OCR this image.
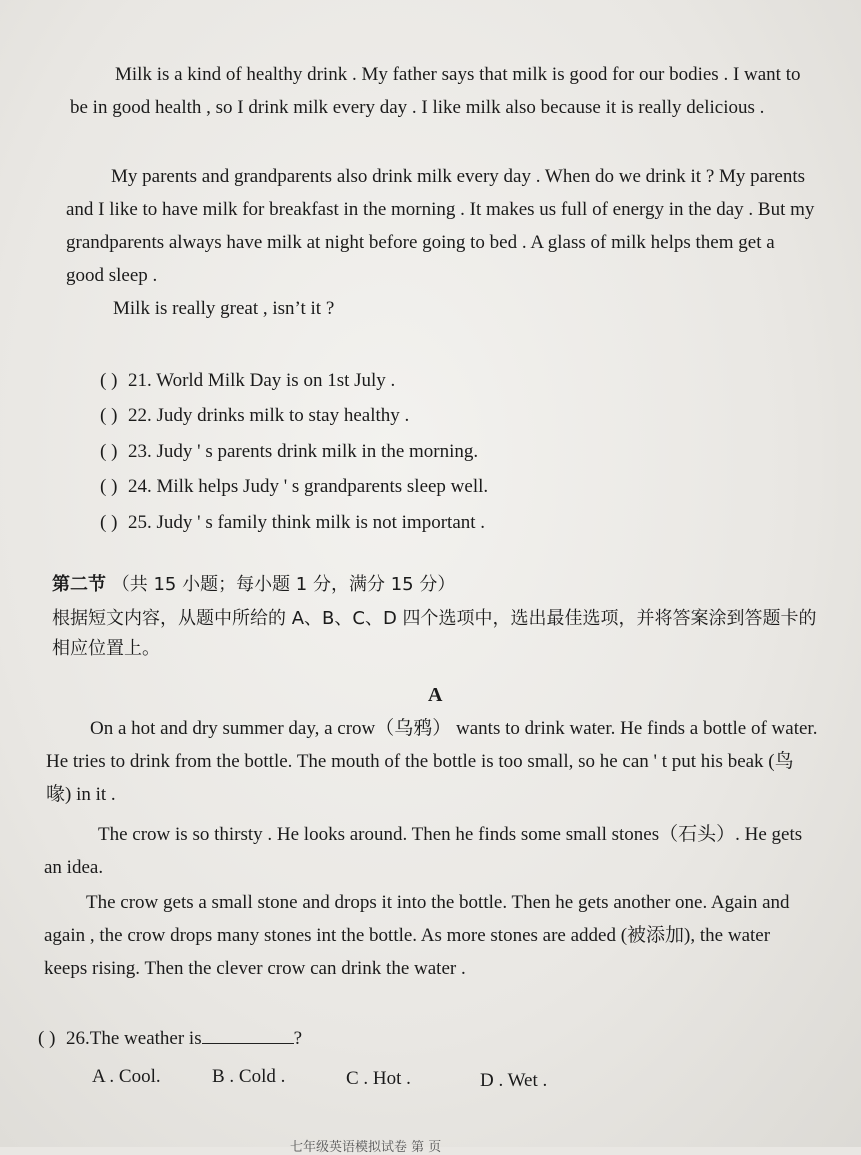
Milk is a kind of healthy drink . My father says that milk is good for our bodies . I want to be in good health , so I drink milk every day . I like milk also because it is really delicious .

My parents and grandparents also drink milk every day . When do we drink it ? My parents and I like to have milk for breakfast in the morning . It makes us full of energy in the day . But my grandparents always have milk at night before going to bed . A glass of milk helps them get a good sleep .

Milk is really great , isn’t it ?

( ) 21. World Milk Day is on 1st July .
( ) 22. Judy drinks milk to stay healthy .
( ) 23. Judy ' s parents drink milk in the morning.
( ) 24. Milk helps Judy ' s grandparents sleep well.
( ) 25. Judy ' s family think milk is not important .
第二节 （共 15 小题；每小题 1 分，满分 15 分）
根据短文内容，从题中所给的 A、B、C、D 四个选项中，选出最佳选项，并将答案涂到答题卡的相应位置上。
A

On a hot and dry summer day, a crow（乌鸦） wants to drink water. He finds a bottle of water. He tries to drink from the bottle. The mouth of the bottle is too small, so he can ' t put his beak (鸟喙) in it .

The crow is so thirsty . He looks around. Then he finds some small stones（石头）. He gets an idea.

The crow gets a small stone and drops it into the bottle. Then he gets another one. Again and again , the crow drops many stones int the bottle. As more stones are added (被添加), the water keeps rising. Then the clever crow can drink the water .

( ) 26.The weather is	?
A . Cool.	B . Cold .	C . Hot .	D . Wet .
七年级英语模拟试卷 第 页
